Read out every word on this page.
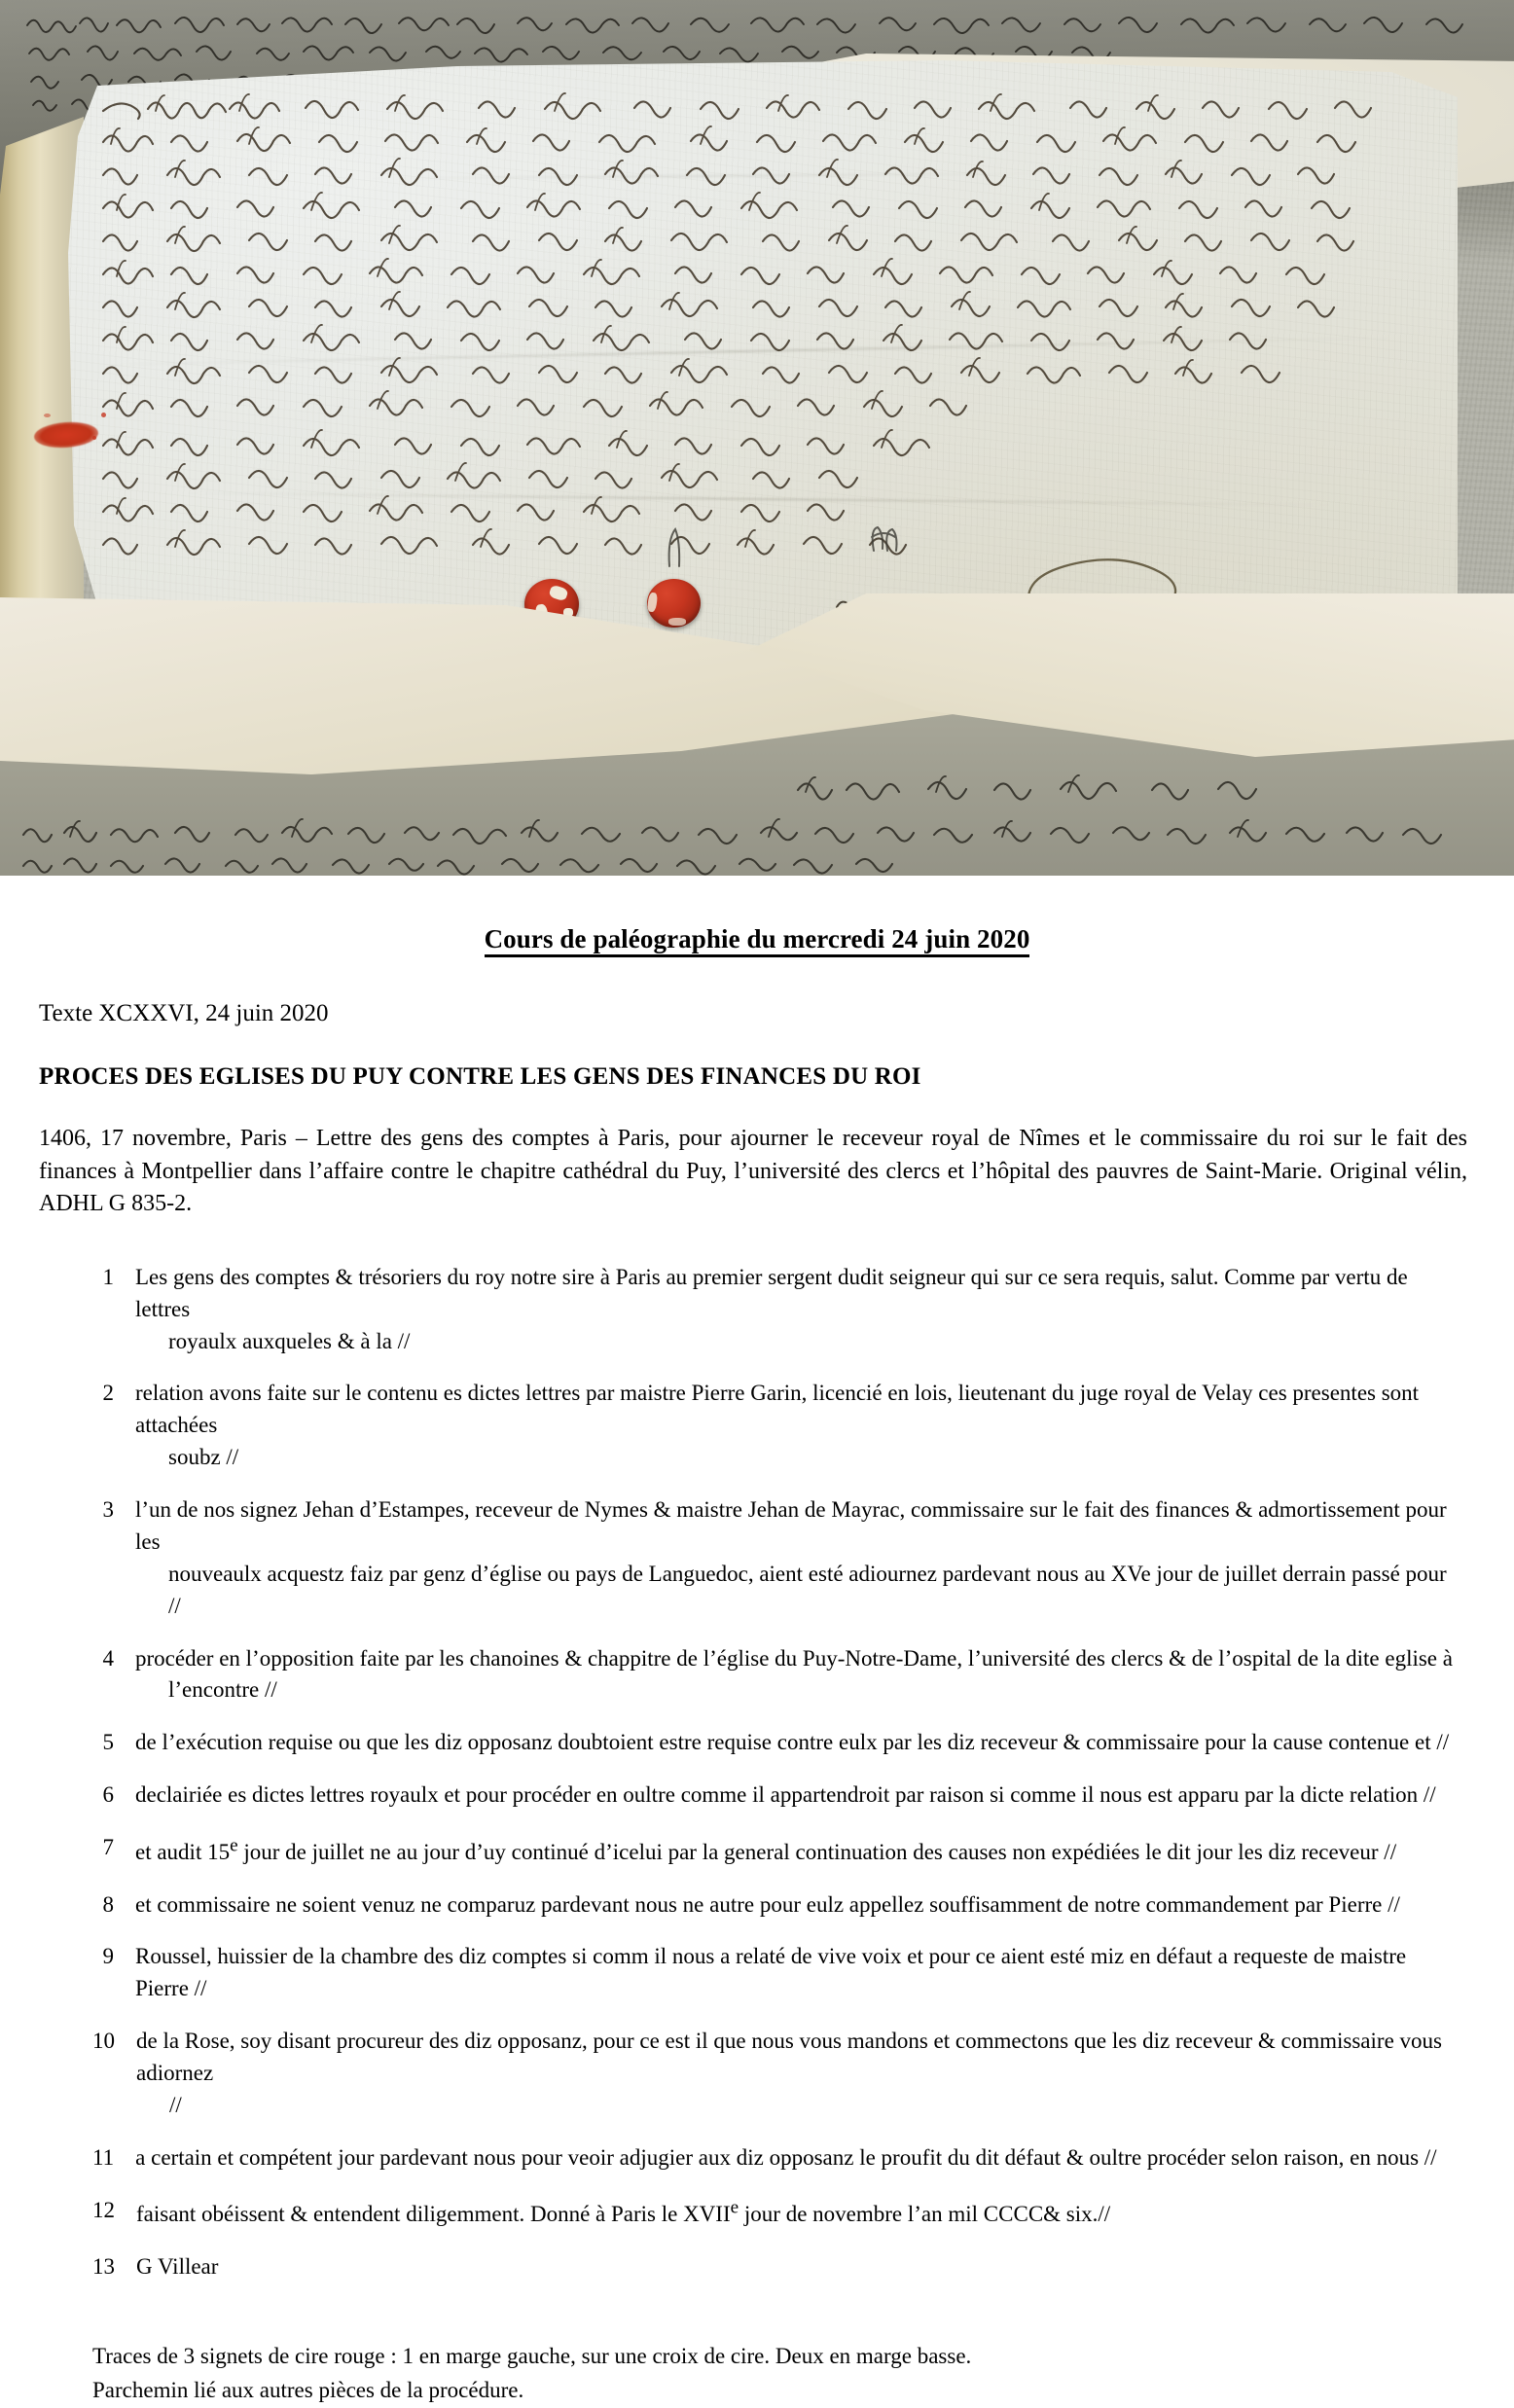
Cours de paléographie du mercredi 24 juin 2020
Texte XCXXVI, 24 juin 2020
PROCES DES EGLISES DU PUY CONTRE LES GENS DES FINANCES DU ROI
1406, 17 novembre, Paris – Lettre des gens des comptes à Paris, pour ajourner le receveur royal de Nîmes et le commissaire du roi sur le fait des finances à Montpellier dans l’affaire contre le chapitre cathédral du Puy, l’université des clercs et l’hôpital des pauvres de Saint-Marie. Original vélin, ADHL G 835-2.
1 Les gens des comptes & trésoriers du roy notre sire à Paris au premier sergent dudit seigneur qui sur ce sera requis, salut. Comme par vertu de lettres
royaulx auxqueles & à la //
2 relation avons faite sur le contenu es dictes lettres par maistre Pierre Garin, licencié en lois, lieutenant du juge royal de Velay ces presentes sont attachées
soubz //
3 l’un de nos signez Jehan d’Estampes, receveur de Nymes & maistre Jehan de Mayrac, commissaire sur le fait des finances & admortissement pour les
nouveaulx acquestz faiz par genz d’église ou pays de Languedoc, aient esté adiournez pardevant nous au XVe jour de juillet derrain passé pour //
4 procéder en l’opposition faite par les chanoines & chappitre de l’église du Puy-Notre-Dame, l’université des clercs & de l’ospital de la dite eglise à
l’encontre //
5 de l’exécution requise ou que les diz opposanz doubtoient estre requise contre eulx par les diz receveur & commissaire pour la cause contenue et //
6 declairiée es dictes lettres royaulx et pour procéder en oultre comme il appartendroit par raison si comme il nous est apparu par la dicte relation //
7 et audit 15e jour de juillet ne au jour d’uy continué d’icelui par la general continuation des causes non expédiées le dit jour les diz receveur //
8 et commissaire ne soient venuz ne comparuz pardevant nous ne autre pour eulz appellez souffisamment de notre commandement par Pierre //
9 Roussel, huissier de la chambre des diz comptes si comm il nous a relaté de vive voix et pour ce aient esté miz en défaut a requeste de maistre Pierre //
10 de la Rose, soy disant procureur des diz opposanz, pour ce est il que nous vous mandons et commectons que les diz receveur & commissaire vous adiornez
//
11 a certain et compétent jour pardevant nous pour veoir adjugier aux diz opposanz le proufit du dit défaut & oultre procéder selon raison, en nous //
12 faisant obéissent & entendent diligemment. Donné à Paris le XVIIe jour de novembre l’an mil CCCC& six.//
13 G Villear
Traces de 3 signets de cire rouge : 1 en marge gauche, sur une croix de cire. Deux en marge basse.
Parchemin lié aux autres pièces de la procédure.
